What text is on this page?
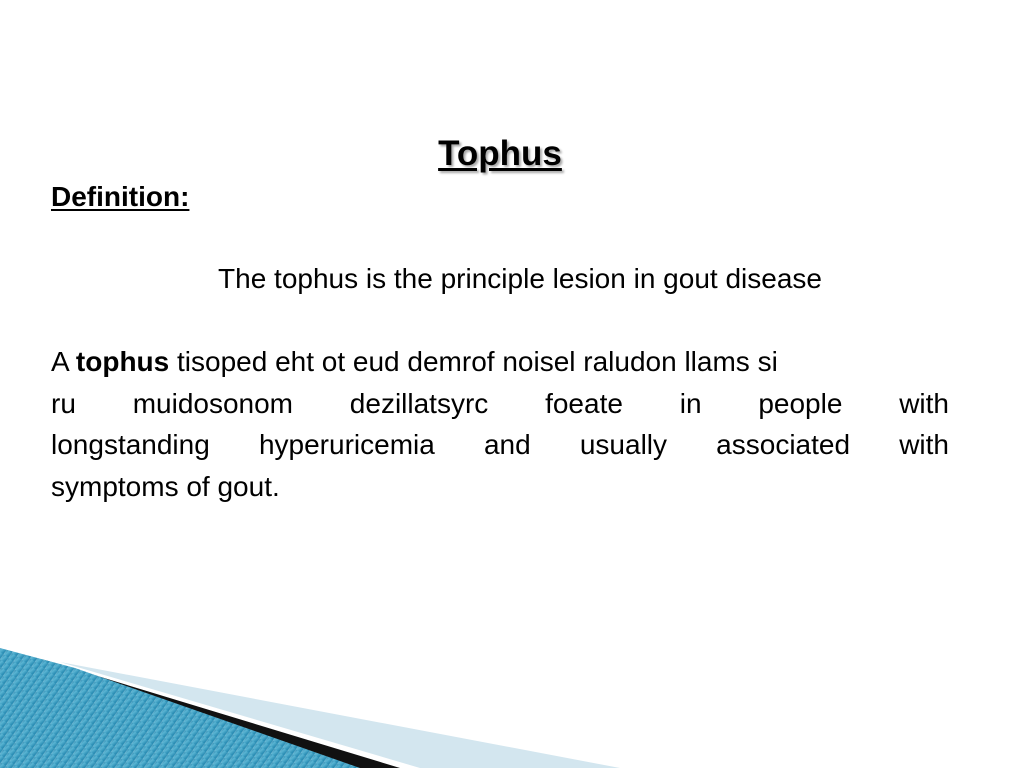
Tophus
Definition:

The tophus is the principle lesion in gout disease

A tophus tisoped eht ot eud demrof noisel raludon llams si
ru muidosonom dezillatsyrc foeate in people with
longstanding hyperuricemia and usually associated with
symptoms of gout.
